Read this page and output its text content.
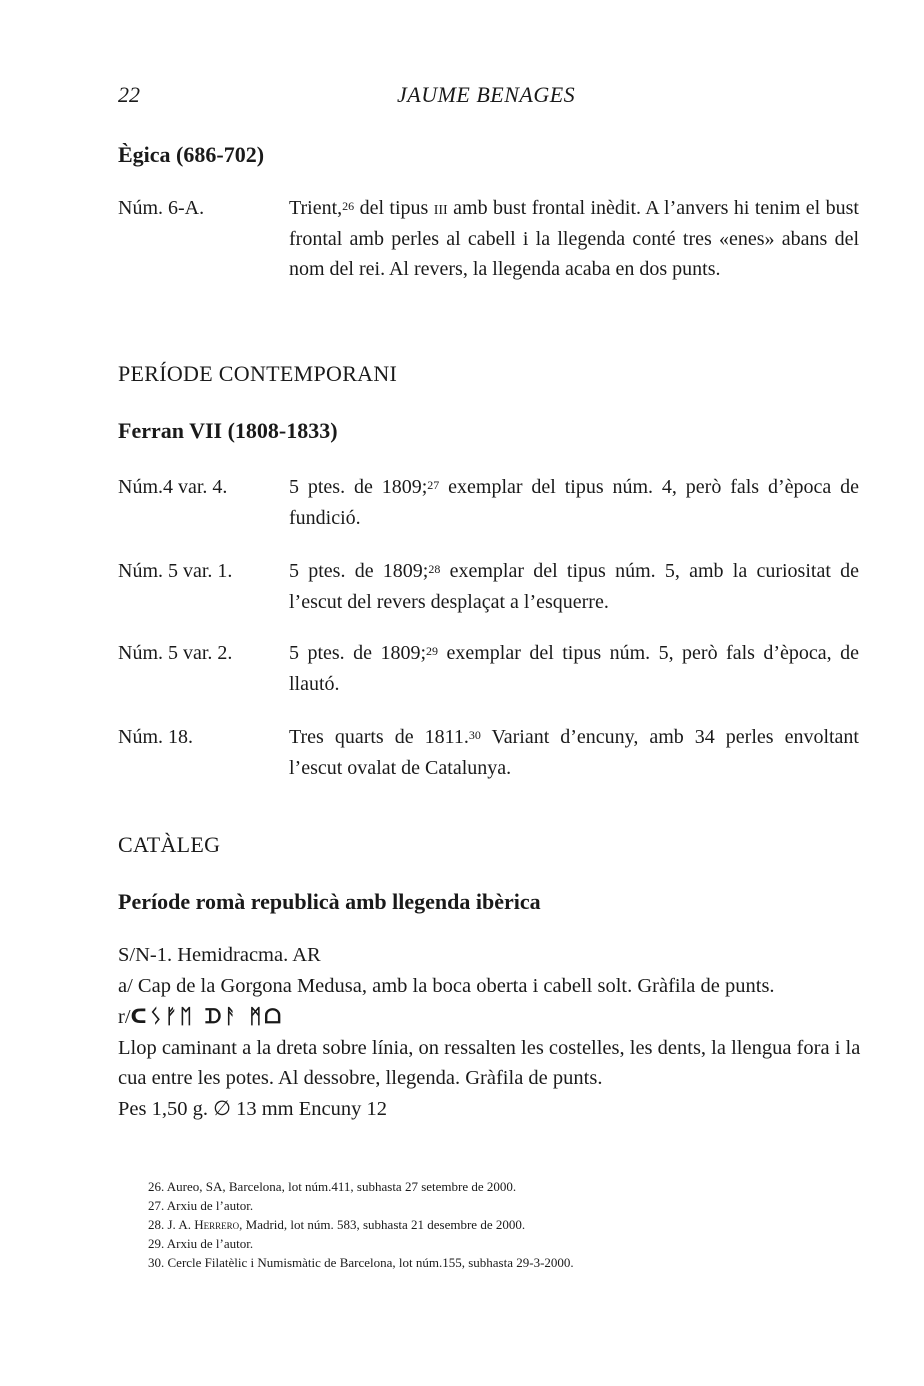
22	JAUME BENAGES
Ègica (686-702)
Núm. 6-A.	Trient,$^{26}$ del tipus iii amb bust frontal inèdit. A l’anvers hi tenim el bust frontal amb perles al cabell i la llegenda conté tres «enes» abans del nom del rei. Al revers, la llegenda acaba en dos punts.
PERÍODE CONTEMPORANI
Ferran VII (1808-1833)
Núm.4 var. 4.	5 ptes. de 1809;$^{27}$ exemplar del tipus núm. 4, però fals d’època de fundició.
Núm. 5 var. 1.	5 ptes. de 1809;$^{28}$ exemplar del tipus núm. 5, amb la curiositat de l’escut del revers desplaçat a l’esquerre.
Núm. 5 var. 2.	5 ptes. de 1809;$^{29}$ exemplar del tipus núm. 5, però fals d’època, de llautó.
Núm. 18.	Tres quarts de 1811.30 Variant d’encuny, amb 34 perles envoltant l’escut ovalat de Catalunya.
CATÀLEG
Període romà republicà amb llegenda ibèrica
S/N-1. Hemidracma. AR
a/ Cap de la Gorgona Medusa, amb la boca oberta i cabell solt. Gràfila de punts.
r/ᑕᛊᚠᛖ ᗪᚨ ᛗᗝ
Llop caminant a la dreta sobre línia, on ressalten les costelles, les dents, la llengua fora i la cua entre les potes. Al dessobre, llegenda. Gràfila de punts.
Pes 1,50 g. ∅ 13 mm Encuny 12
26. Aureo, SA, Barcelona, lot núm.411, subhasta 27 setembre de 2000.
27. Arxiu de l’autor.
28. J. A. Herrero, Madrid, lot núm. 583, subhasta 21 desembre de 2000.
29. Arxiu de l’autor.
30. Cercle Filatèlic i Numismàtic de Barcelona, lot núm.155, subhasta 29-3-2000.
